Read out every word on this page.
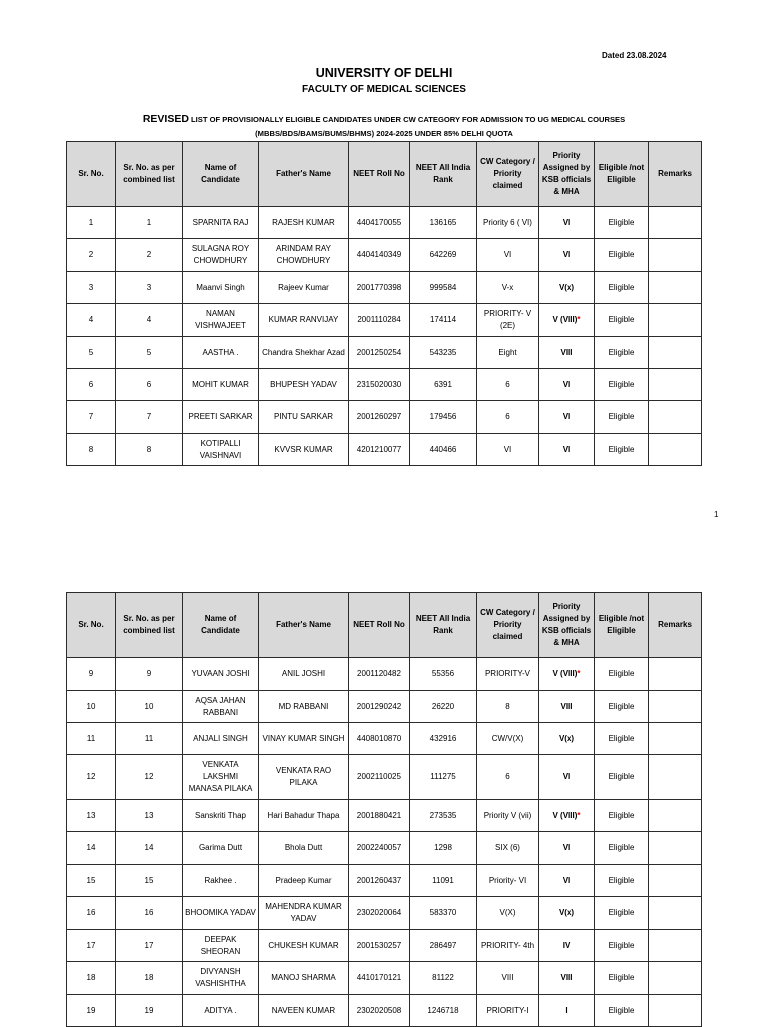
Dated 23.08.2024
UNIVERSITY OF DELHI
FACULTY OF MEDICAL SCIENCES
REVISED LIST OF PROVISIONALLY ELIGIBLE CANDIDATES UNDER CW CATEGORY FOR ADMISSION TO UG MEDICAL COURSES
(MBBS/BDS/BAMS/BUMS/BHMS) 2024-2025 UNDER 85% DELHI QUOTA
Sr. No.	Sr. No. as per combined list	Name of Candidate	Father's Name	NEET Roll No	NEET All India Rank	CW Category / Priority claimed	Priority Assigned by KSB officials & MHA	Eligible /not Eligible	Remarks
1	1	SPARNITA RAJ	RAJESH KUMAR	4404170055	136165	Priority 6 ( VI)	VI	Eligible	
2	2	SULAGNA ROY CHOWDHURY	ARINDAM RAY CHOWDHURY	4404140349	642269	VI	VI	Eligible	
3	3	Maanvi Singh	Rajeev Kumar	2001770398	999584	V-x	V(x)	Eligible	
4	4	NAMAN VISHWAJEET	KUMAR RANVIJAY	2001110284	174114	PRIORITY- V (2E)	V (VIII)*	Eligible	
5	5	AASTHA .	Chandra Shekhar Azad	2001250254	543235	Eight	VIII	Eligible	
6	6	MOHIT KUMAR	BHUPESH YADAV	2315020030	6391	6	VI	Eligible	
7	7	PREETI SARKAR	PINTU SARKAR	2001260297	179456	6	VI	Eligible	
8	8	KOTIPALLI VAISHNAVI	KVVSR KUMAR	4201210077	440466	VI	VI	Eligible	
1
Sr. No.	Sr. No. as per combined list	Name of Candidate	Father's Name	NEET Roll No	NEET All India Rank	CW Category / Priority claimed	Priority Assigned by KSB officials & MHA	Eligible /not Eligible	Remarks
9	9	YUVAAN JOSHI	ANIL JOSHI	2001120482	55356	PRIORITY-V	V (VIII)*	Eligible	
10	10	AQSA JAHAN RABBANI	MD RABBANI	2001290242	26220	8	VIII	Eligible	
11	11	ANJALI SINGH	VINAY KUMAR SINGH	4408010870	432916	CW/V(X)	V(x)	Eligible	
12	12	VENKATA LAKSHMI MANASA PILAKA	VENKATA RAO PILAKA	2002110025	111275	6	VI	Eligible	
13	13	Sanskriti Thap	Hari Bahadur Thapa	2001880421	273535	Priority V (vii)	V (VIII)*	Eligible	
14	14	Garima Dutt	Bhola Dutt	2002240057	1298	SIX (6)	VI	Eligible	
15	15	Rakhee .	Pradeep Kumar	2001260437	11091	Priority- VI	VI	Eligible	
16	16	BHOOMIKA YADAV	MAHENDRA KUMAR YADAV	2302020064	583370	V(X)	V(x)	Eligible	
17	17	DEEPAK SHEORAN	CHUKESH KUMAR	2001530257	286497	PRIORITY- 4th	IV	Eligible	
18	18	DIVYANSH VASHISHTHA	MANOJ SHARMA	4410170121	81122	VIII	VIII	Eligible	
19	19	ADITYA .	NAVEEN KUMAR	2302020508	1246718	PRIORITY-I	I	Eligible	
